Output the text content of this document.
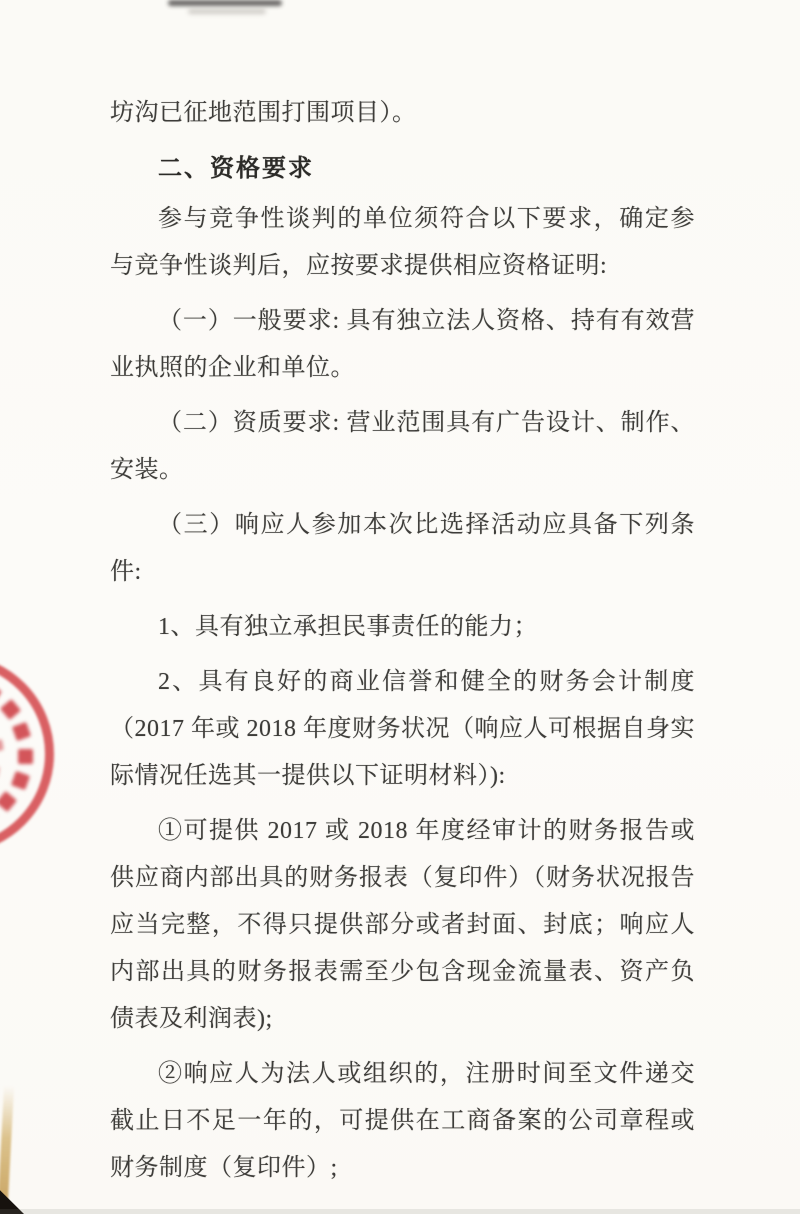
坊沟已征地范围打围项目）。

二、资格要求

参与竞争性谈判的单位须符合以下要求，确定参与竞争性谈判后，应按要求提供相应资格证明:

（一）一般要求: 具有独立法人资格、持有有效营业执照的企业和单位。

（二）资质要求: 营业范围具有广告设计、制作、安装。

（三）响应人参加本次比选择活动应具备下列条件:

1、具有独立承担民事责任的能力；

2、具有良好的商业信誉和健全的财务会计制度（2017 年或 2018 年度财务状况（响应人可根据自身实际情况任选其一提供以下证明材料）):

①可提供 2017 或 2018 年度经审计的财务报告或供应商内部出具的财务报表（复印件）（财务状况报告应当完整，不得只提供部分或者封面、封底；响应人内部出具的财务报表需至少包含现金流量表、资产负债表及利润表);

②响应人为法人或组织的，注册时间至文件递交截止日不足一年的，可提供在工商备案的公司章程或财务制度（复印件）;
